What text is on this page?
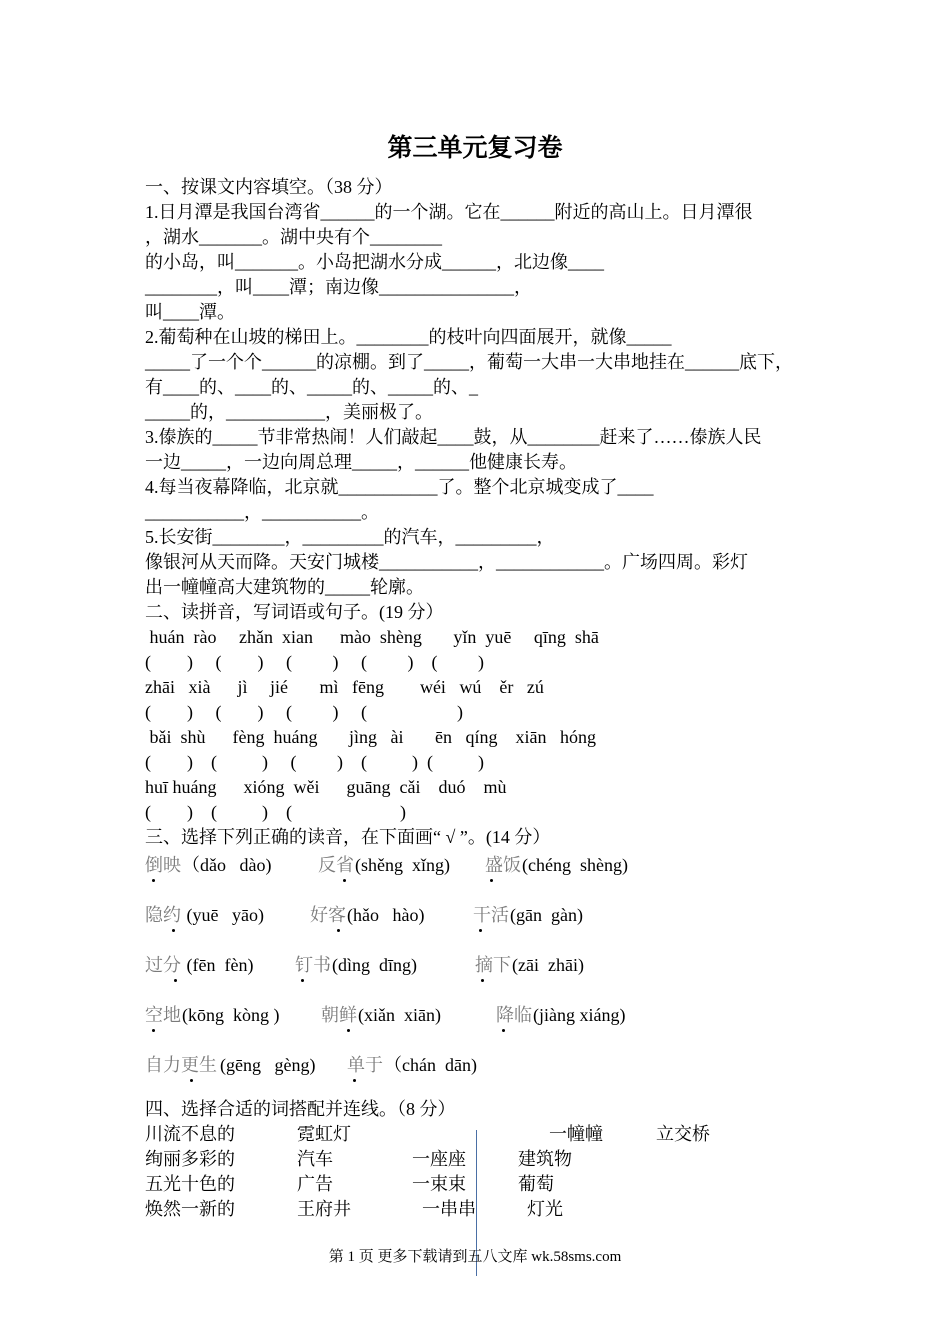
第三单元复习卷
一、按课文内容填空。（38 分）
1.日月潭是我国台湾省______的一个湖。它在______附近的高山上。日月潭很
，湖水_______。湖中央有个________
的小岛，叫_______。小岛把湖水分成______，北边像____
________，叫____潭；南边像_______________，
叫____潭。
2.葡萄种在山坡的梯田上。________的枝叶向四面展开，就像_____
_____了一个个______的凉棚。到了_____，葡萄一大串一大串地挂在______底下，
有____的、____的、_____的、_____的、_
_____的，___________，美丽极了。
3.傣族的_____节非常热闹！人们敲起____鼓，从________赶来了……傣族人民
一边_____，一边向周总理_____，______他健康长寿。
4.每当夜幕降临，北京就___________了。整个北京城变成了____
___________，___________。
5.长安街________，_________的汽车，_________，
像银河从天而降。天安门城楼___________，____________。广场四周。彩灯
出一幢幢高大建筑物的_____轮廓。
二、读拼音，写词语或句子。(19 分）
huán  rào     zhǎn  xian      mào  shèng       yǐn  yuē     qīng  shā
(        )     (        )     (         )     (         )    (         )
zhāi   xià      jì     jié       mì   fēng        wéi   wú    ěr   zú
(        )     (        )     (         )     (                    )
bǎi  shù      fèng  huáng       jìng   ài       ēn   qíng    xiān   hóng
(        )    (          )     (         )    (          )  (          )
huī huáng      xióng  wěi      guāng  cǎi    duó    mù
(        )    (          )    (                        )
三、选择下列正确的读音，在下面画“ √ ”。(14 分）
倒映 （dǎo   dào)	反省 (shěng  xǐng) 盛饭 (chéng  shèng)
隐约 (yuē   yāo)	好客 (hǎo   hào)	干活 (gān  gàn)
过分 (fēn  fèn) 钉书 (dìng  dīng)	摘下 (zāi  zhāi)
空地 (kōng  kòng ) 朝鲜 (xiǎn  xiān)	降临 (jiàng xiáng)
自力更生 (gēng   gèng) 单于 （chán  dān)
四、选择合适的词搭配并连线。（8 分）
川流不息的	霓虹灯	一幢幢	立交桥
绚丽多彩的	汽车	一座座	建筑物
五光十色的	广告	一束束	葡萄
焕然一新的	王府井	一串串	灯光
第 1 页 更多下载请到五八文库 wk.58sms.com
